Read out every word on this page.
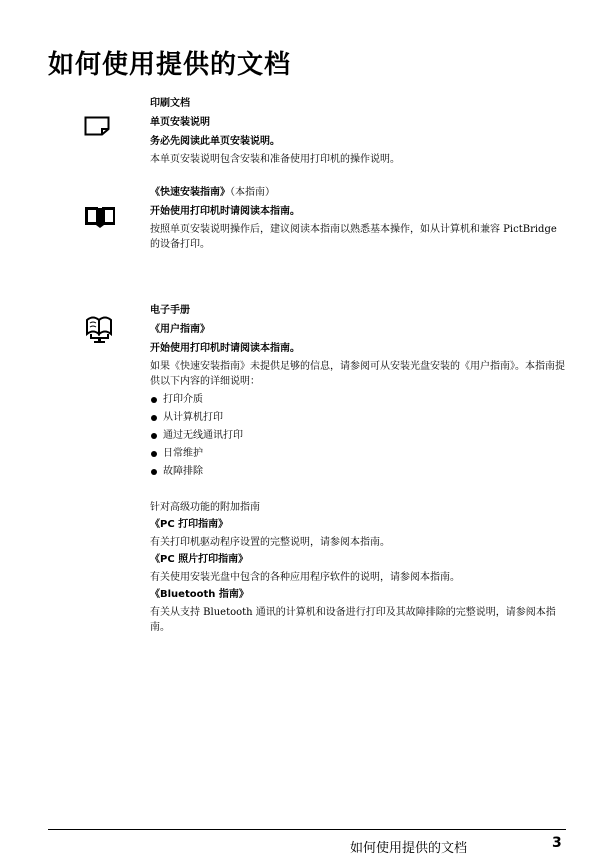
如何使用提供的文档
印刷文档
单页安装说明
务必先阅读此单页安装说明。
本单页安装说明包含安装和准备使用打印机的操作说明。
《快速安装指南》（本指南）
开始使用打印机时请阅读本指南。
按照单页安装说明操作后，建议阅读本指南以熟悉基本操作，如从计算机和兼容 PictBridge 的设备打印。
电子手册
《用户指南》
开始使用打印机时请阅读本指南。
如果《快速安装指南》未提供足够的信息，请参阅可从安装光盘安装的《用户指南》。本指南提供以下内容的详细说明：
打印介质
从计算机打印
通过无线通讯打印
日常维护
故障排除
针对高级功能的附加指南
《PC 打印指南》
有关打印机驱动程序设置的完整说明，请参阅本指南。
《PC 照片打印指南》
有关使用安装光盘中包含的各种应用程序软件的说明，请参阅本指南。
《Bluetooth 指南》
有关从支持 Bluetooth 通讯的计算机和设备进行打印及其故障排除的完整说明，请参阅本指南。
如何使用提供的文档	3
